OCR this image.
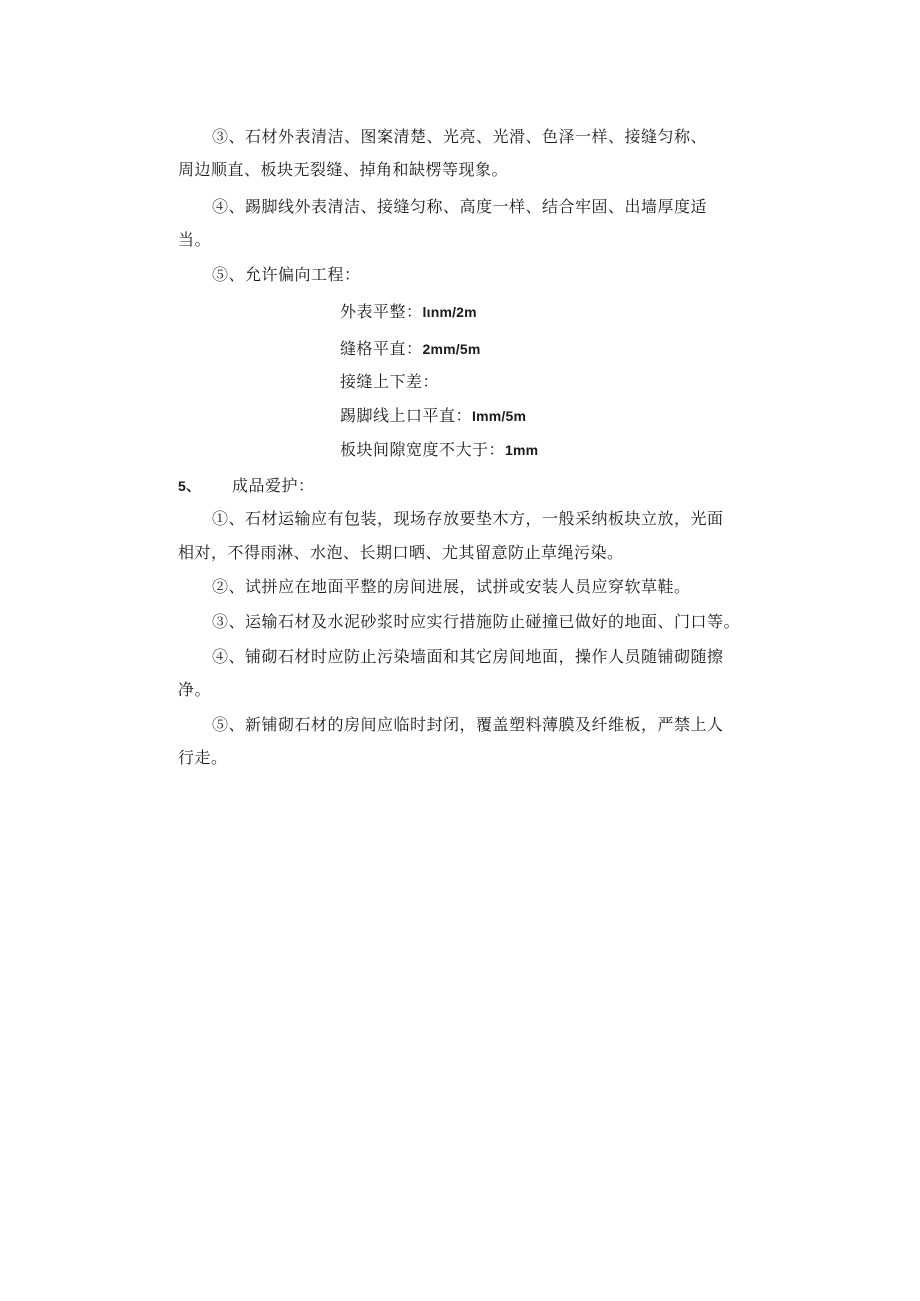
③、石材外表清洁、图案清楚、光亮、光滑、色泽一样、接缝匀称、
周边顺直、板块无裂缝、掉角和缺楞等现象。
④、踢脚线外表清洁、接缝匀称、高度一样、结合牢固、出墙厚度适
当。
⑤、允许偏向工程：
外表平整：lιnm/2m
缝格平直：2mm/5m
接缝上下差：
踢脚线上口平直：Imm/5m
板块间隙宽度不大于：1mm
5、 成品爱护：
①、石材运输应有包装，现场存放要垫木方，一般采纳板块立放，光面
相对，不得雨淋、水泡、长期口晒、尤其留意防止草绳污染。
②、试拼应在地面平整的房间进展，试拼或安装人员应穿软草鞋。
③、运输石材及水泥砂浆时应实行措施防止碰撞已做好的地面、门口等。
④、铺砌石材时应防止污染墙面和其它房间地面，操作人员随铺砌随擦
净。
⑤、新铺砌石材的房间应临时封闭，覆盖塑料薄膜及纤维板，严禁上人
行走。
